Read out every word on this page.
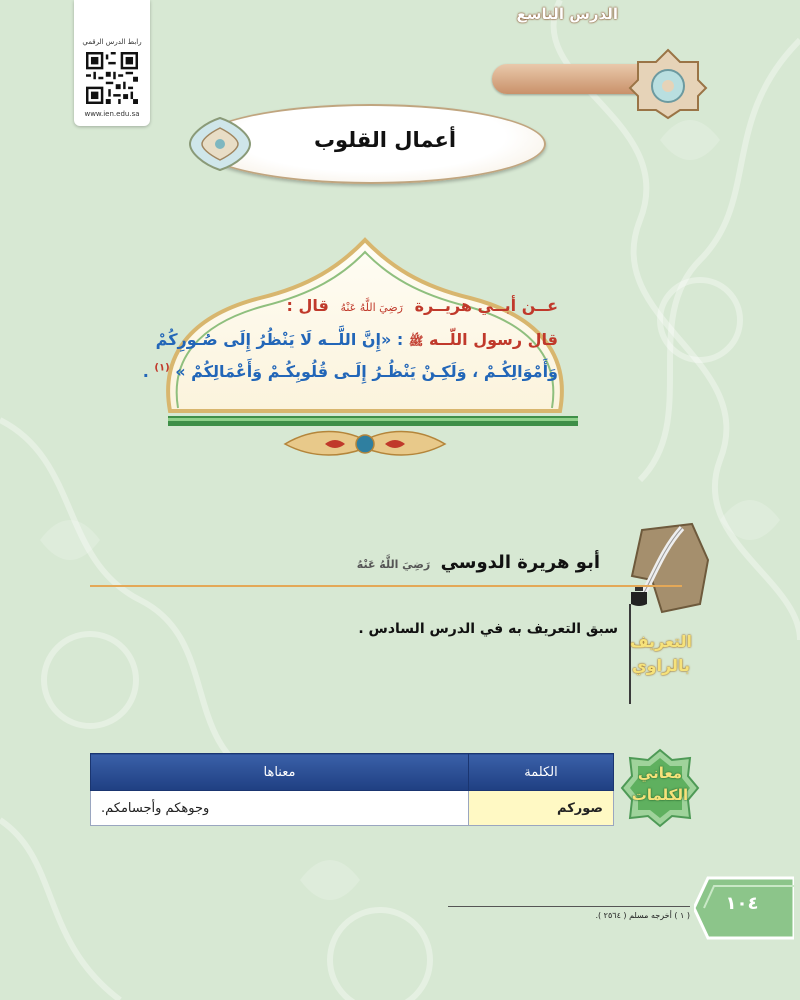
رابط الدرس الرقمي
www.ien.edu.sa
الدرس التاسع
أعمال القلوب
عــن أبــي هريــرة رَضِيَ اللَّهُ عَنْهُ قال :
قال رسول اللّــه ﷺ : «إِنَّ اللَّــه لَا يَنْظُرُ إِلَى صُـورِكُمْ
وَأَمْوَالِكُـمْ ، وَلَكِـنْ يَنْظُـرُ إِلَـى قُلُوبِكُـمْ وَأَعْمَالِكُمْ » $^{(١)}$ .
أبو هريرة الدوسي رَضِيَ اللَّهُ عَنْهُ
التعريف
بالراوي
سبق التعريف به في الدرس السادس .
معاني
الكلمات
الكلمة	معناها
صوركم	وجوهكم وأجسامكم.
( ١ ) أخرجه مسلم ( ٢٥٦٤ ).
١٠٤
